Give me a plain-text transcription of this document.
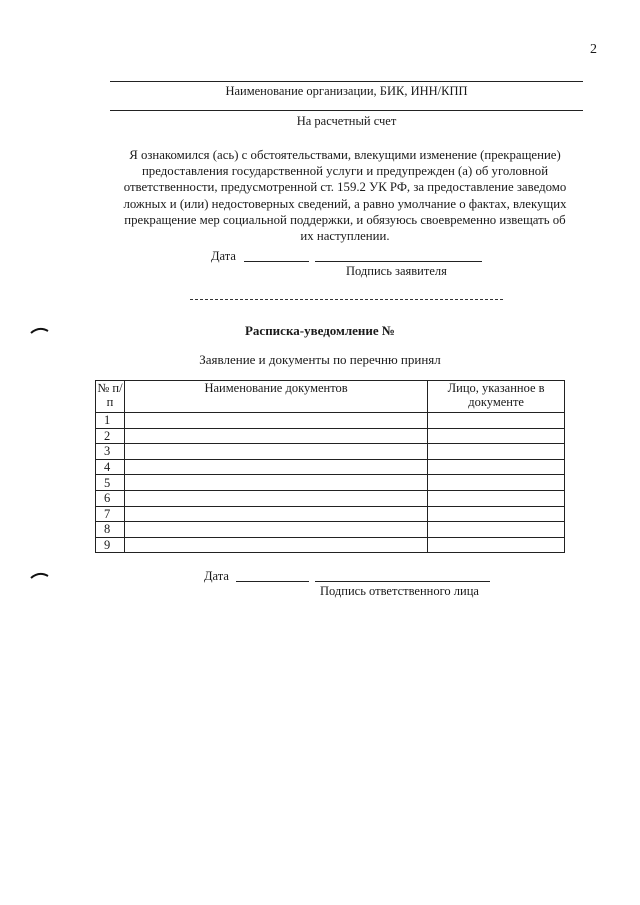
2
Наименование организации, БИК, ИНН/КПП
На расчетный счет
Я ознакомился (ась) с обстоятельствами, влекущими изменение (прекращение) предоставления государственной услуги и предупрежден (а) об уголовной ответственности, предусмотренной ст. 159.2 УК РФ, за предоставление заведомо ложных и (или) недостоверных сведений, а равно умолчание о фактах, влекущих прекращение мер социальной поддержки, и обязуюсь своевременно извещать об их наступлении.
Дата
Подпись заявителя
Расписка-уведомление №
Заявление и документы по перечню принял
№ п/п	Наименование документов	Лицо, указанное в документе
1		
2		
3		
4		
5		
6		
7		
8		
9		
Дата
Подпись ответственного лица
